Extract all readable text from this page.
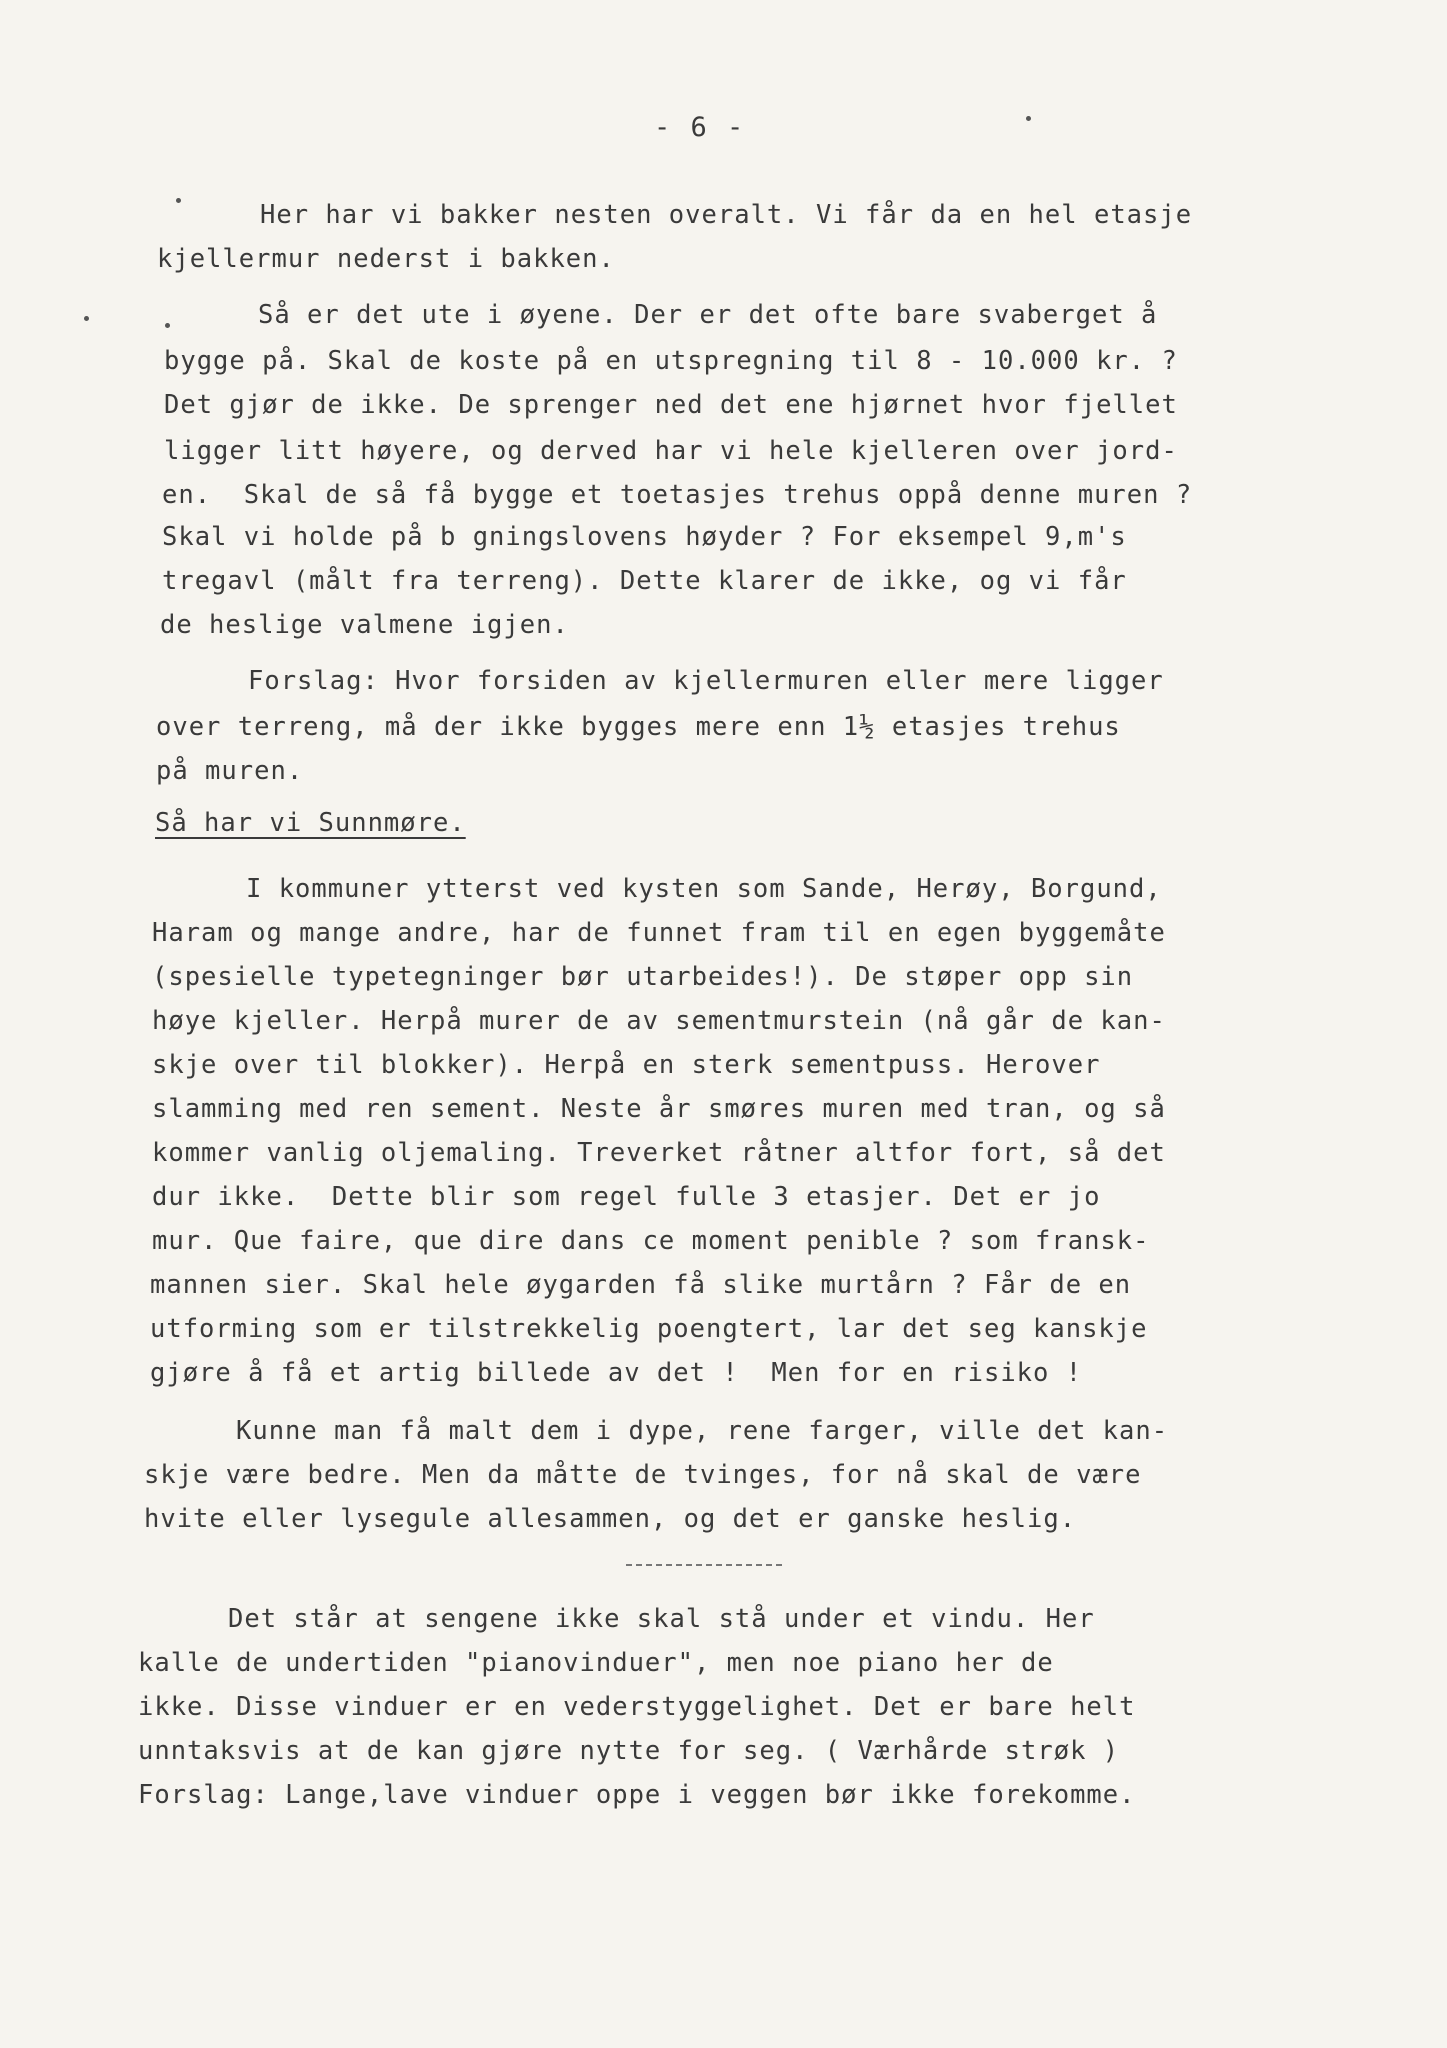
- 6 -
Her har vi bakker nesten overalt. Vi får da en hel etasje
kjellermur nederst i bakken.
Så er det ute i øyene. Der er det ofte bare svaberget å
bygge på. Skal de koste på en utspregning til 8 - 10.000 kr. ?
Det gjør de ikke. De sprenger ned det ene hjørnet hvor fjellet
ligger litt høyere, og derved har vi hele kjelleren over jord-
en.  Skal de så få bygge et toetasjes trehus oppå denne muren ?
Skal vi holde på b gningslovens høyder ? For eksempel 9,m's
tregavl (målt fra terreng). Dette klarer de ikke, og vi får
de heslige valmene igjen.
Forslag: Hvor forsiden av kjellermuren eller mere ligger
over terreng, må der ikke bygges mere enn 1½ etasjes trehus
på muren.
Så har vi Sunnmøre.
I kommuner ytterst ved kysten som Sande, Herøy, Borgund,
Haram og mange andre, har de funnet fram til en egen byggemåte
(spesielle typetegninger bør utarbeides!). De støper opp sin
høye kjeller. Herpå murer de av sementmurstein (nå går de kan-
skje over til blokker). Herpå en sterk sementpuss. Herover
slamming med ren sement. Neste år smøres muren med tran, og så
kommer vanlig oljemaling. Treverket råtner altfor fort, så det
dur ikke.  Dette blir som regel fulle 3 etasjer. Det er jo
mur. Que faire, que dire dans ce moment penible ? som fransk-
mannen sier. Skal hele øygarden få slike murtårn ? Får de en
utforming som er tilstrekkelig poengtert, lar det seg kanskje
gjøre å få et artig billede av det !  Men for en risiko !
Kunne man få malt dem i dype, rene farger, ville det kan-
skje være bedre. Men da måtte de tvinges, for nå skal de være
hvite eller lysegule allesammen, og det er ganske heslig.
Det står at sengene ikke skal stå under et vindu. Her
kalle de undertiden "pianovinduer", men noe piano her de
ikke. Disse vinduer er en vederstyggelighet. Det er bare helt
unntaksvis at de kan gjøre nytte for seg. ( Værhårde strøk )
Forslag: Lange,lave vinduer oppe i veggen bør ikke forekomme.
